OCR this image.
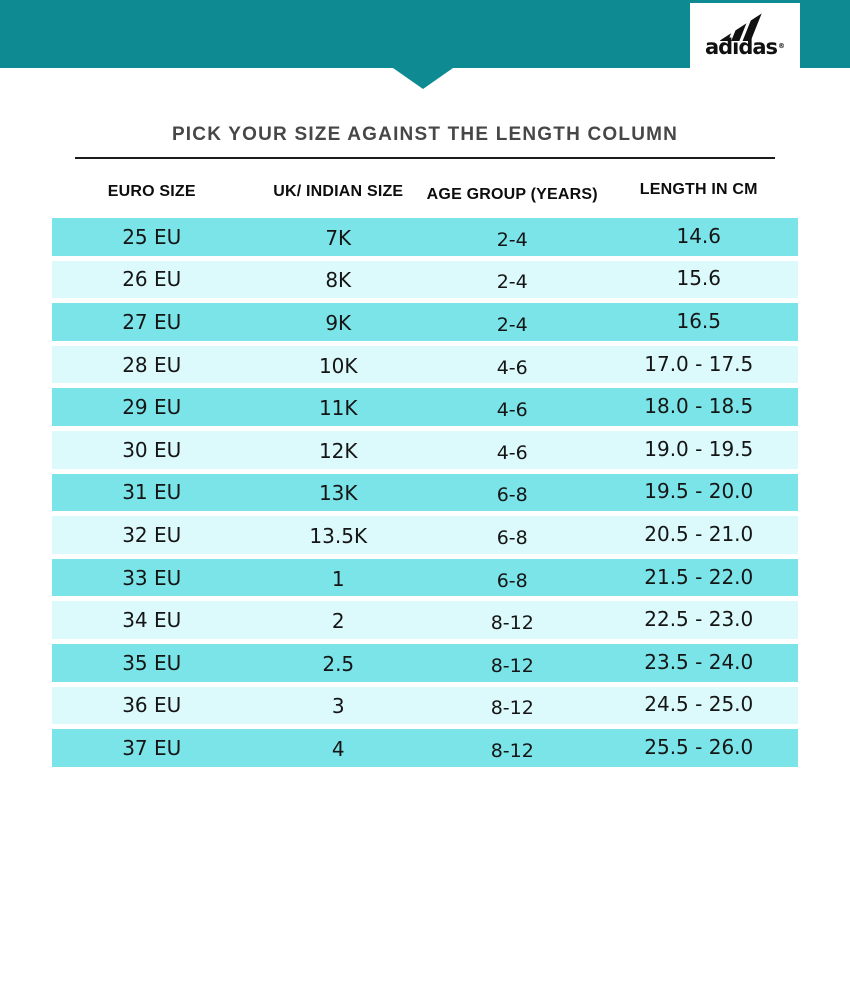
adidas®
PICK YOUR SIZE AGAINST THE LENGTH COLUMN
EURO SIZE	UK/ INDIAN SIZE	AGE GROUP (YEARS)	LENGTH IN CM
25 EU	7K	2-4	14.6
26 EU	8K	2-4	15.6
27 EU	9K	2-4	16.5
28 EU	10K	4-6	17.0 - 17.5
29 EU	11K	4-6	18.0 - 18.5
30 EU	12K	4-6	19.0 - 19.5
31 EU	13K	6-8	19.5 - 20.0
32 EU	13.5K	6-8	20.5 - 21.0
33 EU	1	6-8	21.5 - 22.0
34 EU	2	8-12	22.5 - 23.0
35 EU	2.5	8-12	23.5 - 24.0
36 EU	3	8-12	24.5 - 25.0
37 EU	4	8-12	25.5 - 26.0
